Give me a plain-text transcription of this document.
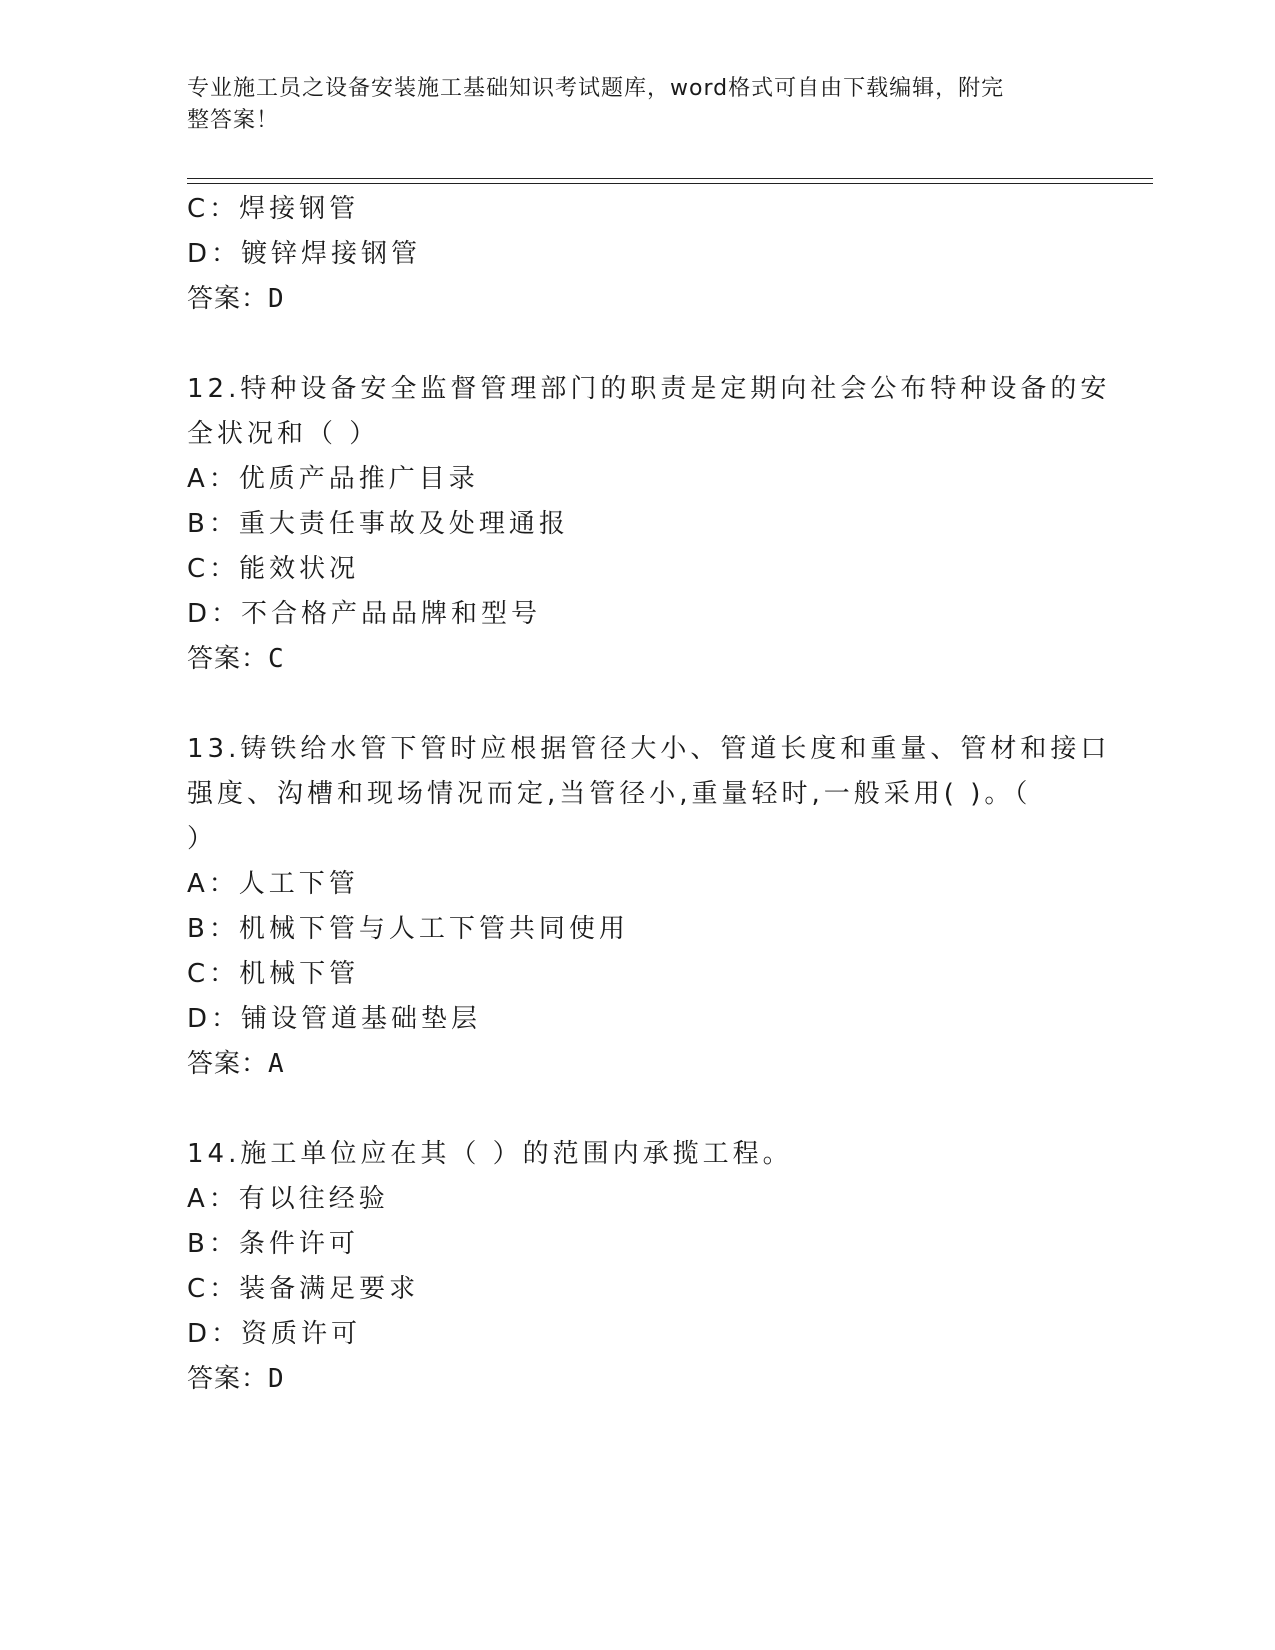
专业施工员之设备安装施工基础知识考试题库，word格式可自由下载编辑，附完
整答案！
C：焊接钢管
D：镀锌焊接钢管
答案：D
12.特种设备安全监督管理部门的职责是定期向社会公布特种设备的安
全状况和（ ）
A：优质产品推广目录
B：重大责任事故及处理通报
C：能效状况
D：不合格产品品牌和型号
答案：C
13.铸铁给水管下管时应根据管径大小、管道长度和重量、管材和接口
强度、沟槽和现场情况而定,当管径小,重量轻时,一般采用( )。（
）
A：人工下管
B：机械下管与人工下管共同使用
C：机械下管
D：铺设管道基础垫层
答案：A
14.施工单位应在其（ ）的范围内承揽工程。
A：有以往经验
B：条件许可
C：装备满足要求
D：资质许可
答案：D
